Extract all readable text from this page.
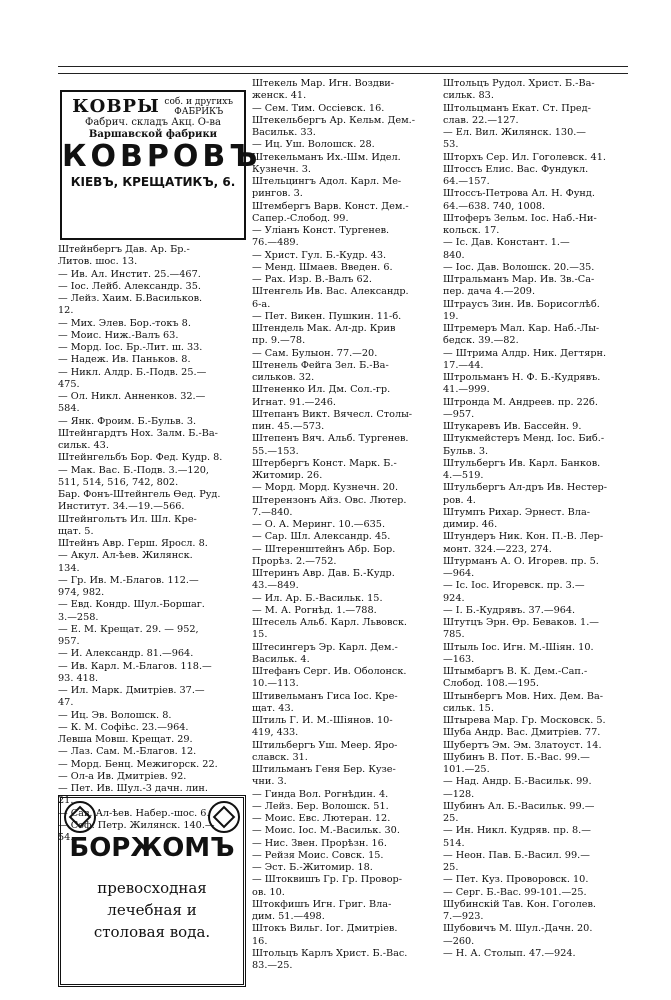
КОВРЫ соб. и другихъ ФАБРИКЪ
Фабрич. складъ Акц. О-ва
Варшавской фабрики
КОВРОВЪ
КIЕВЪ, КРЕЩАТИКЪ, 6.
Штейнбергъ Дав. Ар. Бр.-
Литов. шос. 13.
— Ив. Ал. Инстит. 25.—467.
— Iос. Лейб. Александр. 35.
— Лейз. Хаим. Б.Васильков.
12.
— Мих. Элев. Бор.-токъ 8.
— Моис. Ниж.-Валъ 63.
— Морд. Iос. Бр.-Лит. ш. 33.
— Надеж. Ив. Паньков. 8.
— Никл. Алдр. Б.-Подв. 25.—
475.
— Ол. Никл. Анненков. 32.—
584.
— Янк. Фроим. Б.-Бульв. 3.
Штейнгардтъ Нох. Залм. Б.-Ва-
сильк. 43.
Штейнгельбъ Бор. Фед. Кудр. 8.
— Мак. Вас. Б.-Подв. 3.—120,
511, 514, 516, 742, 802.
Бар. Фонъ-Штейнгель Өед. Руд.
Институт. 34.—19.—566.
Штейнгольтъ Ил. Шл. Кре-
щат. 5.
Штейнъ Авр. Герш. Яросл. 8.
— Акул. Ал-ѣев. Жилянск.
134.
— Гр. Ив. М.-Благов. 112.—
974, 982.
— Евд. Кондр. Шул.-Боршаг.
3.—258.
— Е. М. Крещат. 29. — 952,
957.
— И. Александр. 81.—964.
— Ив. Карл. М.-Благов. 118.—
93. 418.
— Ил. Марк. Дмитрiев. 37.—
47.
— Иц. Эв. Волошск. 8.
— К. М. Софiѣс. 23.—964.
Левша Мовш. Крещат. 29.
— Лаз. Сам. М.-Благов. 12.
— Морд. Бенц. Межигорск. 22.
— Ол-а Ив. Дмитрiев. 92.
— Пет. Ив. Шул.-3 дачн. лин.
21.
— Сав. Ал-ѣев. Набер.-шос. 6.
— Соф. Петр. Жилянск. 140.—
54.
Штекель Мар. Игн. Воздви-
женск. 41.
— Сем. Тим. Осciевск. 16.
Штекельбергъ Ар. Кельм. Дем.-
Васильк. 33.
— Иц. Уш. Волошск. 28.
Штекельманъ Их.-Шм. Идел.
Кузнечн. 3.
Штельцингъ Адол. Карл. Ме-
рингов. 3.
Штембергъ Варв. Конст. Дем.-
Сапер.-Слобод. 99.
— Улiанъ Конст. Тургенев.
76.—489.
— Христ. Гул. Б.-Кудр. 43.
— Менд. Шмаев. Введен. 6.
— Рах. Изр. В.-Валъ 62.
Штенгель Ив. Вас. Александр.
6-а.
— Пет. Викен. Пушкин. 11-б.
Штендель Мак. Ал-др. Крив
пр. 9.—78.
— Сам. Булыон. 77.—20.
Штенель Фейга Зел. Б.-Ва-
сильков. 32.
Штененко Ил. Дм. Сол.-гр.
Игнат. 91.—246.
Штепанъ Викт. Вячесл. Столы-
пин. 45.—573.
Штепенъ Вяч. Альб. Тургенев.
55.—153.
Штербергъ Конст. Марк. Б.-
Житомир. 26.
— Морд. Морд. Кузнечн. 20.
Штерензонъ Айз. Овс. Лютер.
7.—840.
— О. А. Меринг. 10.—635.
— Сар. Шл. Александр. 45.
— Штеренштейнъ Абр. Бор.
Прорѣз. 2.—752.
Штеринъ Авр. Дав. Б.-Кудр.
43.—849.
— Ил. Ар. Б.-Васильк. 15.
— М. А. Рогнѣд. 1.—788.
Штесель Альб. Карл. Львовск.
15.
Штесингеръ Эр. Карл. Дем.-
Васильк. 4.
Штефанъ Серг. Ив. Оболонск.
10.—113.
Штивельманъ Гиса Iос. Кре-
щат. 43.
Штиль Г. И. М.-Шiянов. 10-
419, 433.
Штильбергъ Уш. Меер. Яро-
славск. 31.
Штильманъ Геня Бер. Кузе-
чни. 3.
— Гинда Вол. Рогнѣдин. 4.
— Лейз. Бер. Волошск. 51.
— Моис. Евс. Лютеран. 12.
— Моис. Iос. М.-Васильк. 30.
— Нис. Звен. Прорѣзн. 16.
— Рейзя Моис. Совск. 15.
— Эст. Б.-Житомир. 18.
— Штоквишъ Гр. Гр. Провор-
ов. 10.
Штокфишъ Игн. Григ. Вла-
дим. 51.—498.
Штокъ Вильг. Iог. Дмитрiев.
16.
Штольцъ Карлъ Христ. Б.-Вас.
83.—25.
Штольцъ Рудол. Христ. Б.-Ва-
сильк. 83.
Штольцманъ Екат. Ст. Пред-
слав. 22.—127.
— Ел. Вил. Жилянск. 130.—
53.
Шторхъ Сер. Ил. Гоголевск. 41.
Штоссъ Елис. Вас. Фундукл.
64.—157.
Штоссъ-Петрова Ал. Н. Фунд.
64.—638. 740, 1008.
Штоферъ Зельм. Iос. Наб.-Ни-
кольск. 17.
— Iс. Дав. Констант. 1.—
840.
— Iос. Дав. Волошск. 20.—35.
Штральманъ Мар. Ив. Зв.-Са-
пер. дача 4.—209.
Штраусъ Зин. Ив. Борисоглѣб.
19.
Штремеръ Мал. Кар. Наб.-Лы-
бедск. 39.—82.
— Штрима Алдр. Ник. Дегтярн.
17.—44.
Штрольманъ Н. Ф. Б.-Кудрявъ.
41.—999.
Штрондa М. Андреев. пр. 22б.
—957.
Штукаревъ Ив. Бассейн. 9.
Штукмейстеръ Менд. Iос. Биб.-
Бульв. 3.
Штульбергъ Ив. Карл. Банков.
4.—519.
Штульбергъ Ал-дръ Ив. Нестер-
ров. 4.
Штумпъ Рихар. Эрнест. Вла-
димир. 46.
Штундеръ Ник. Кон. П.-В. Лер-
монт. 324.—223, 274.
Штурманъ А. О. Игорев. пр. 5.
—964.
— Iс. Iос. Игоревск. пр. 3.—
924.
— I. Б.-Кудрявъ. 37.—964.
Штутцъ Эрн. Өр. Беваков. 1.—
785.
Штыль Iос. Игн. М.-Шiян. 10.
—163.
Штымбаргъ В. К. Дем.-Сап.-
Слобод. 108.—195.
Штынбергъ Мов. Них. Дем. Ва-
сильк. 15.
Штырева Мар. Гр. Московск. 5.
Шуба Андр. Вас. Дмитрiев. 77.
Шубертъ Эм. Эм. Златоуст. 14.
Шубинъ В. Пот. Б.-Вас. 99.—
101.—25.
— Над. Андр. Б.-Васильк. 99.
—128.
Шубинъ Ал. Б.-Васильк. 99.—
25.
— Ин. Никл. Кудряв. пр. 8.—
514.
— Неон. Пав. Б.-Васил. 99.—
25.
— Пет. Куз. Проворовск. 10.
— Серг. Б.-Вас. 99-101.—25.
Шубинскiй Тав. Кон. Гоголев.
7.—923.
Шубовичъ М. Шул.-Дачн. 20.
—260.
— Н. А. Столып. 47.—924.
БОРЖОМЪ
превосходная
лечебная и
столовая вода.
